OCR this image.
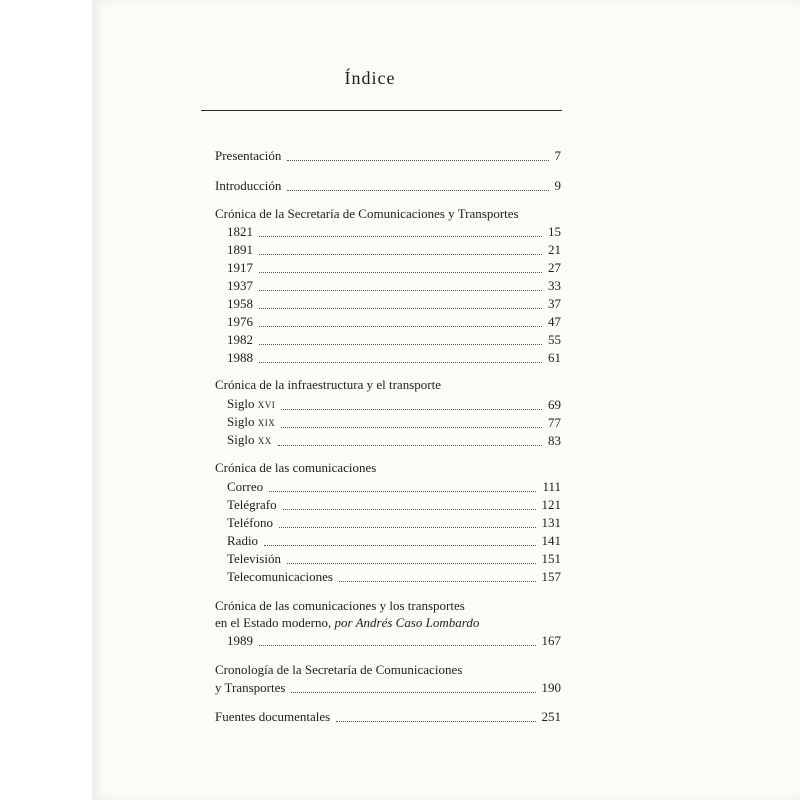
Índice
Presentación	7
Introducción	9
Crónica de la Secretaría de Comunicaciones y Transportes
1821	15
1891	21
1917	27
1937	33
1958	37
1976	47
1982	55
1988	61
Crónica de la infraestructura y el transporte
Siglo XVI	69
Siglo XIX	77
Siglo XX	83
Crónica de las comunicaciones
Correo	111
Telégrafo	121
Teléfono	131
Radio	141
Televisión	151
Telecomunicaciones	157
Crónica de las comunicaciones y los transportes
en el Estado moderno, por Andrés Caso Lombardo
1989	167
Cronología de la Secretaría de Comunicaciones
y Transportes	190
Fuentes documentales	251
